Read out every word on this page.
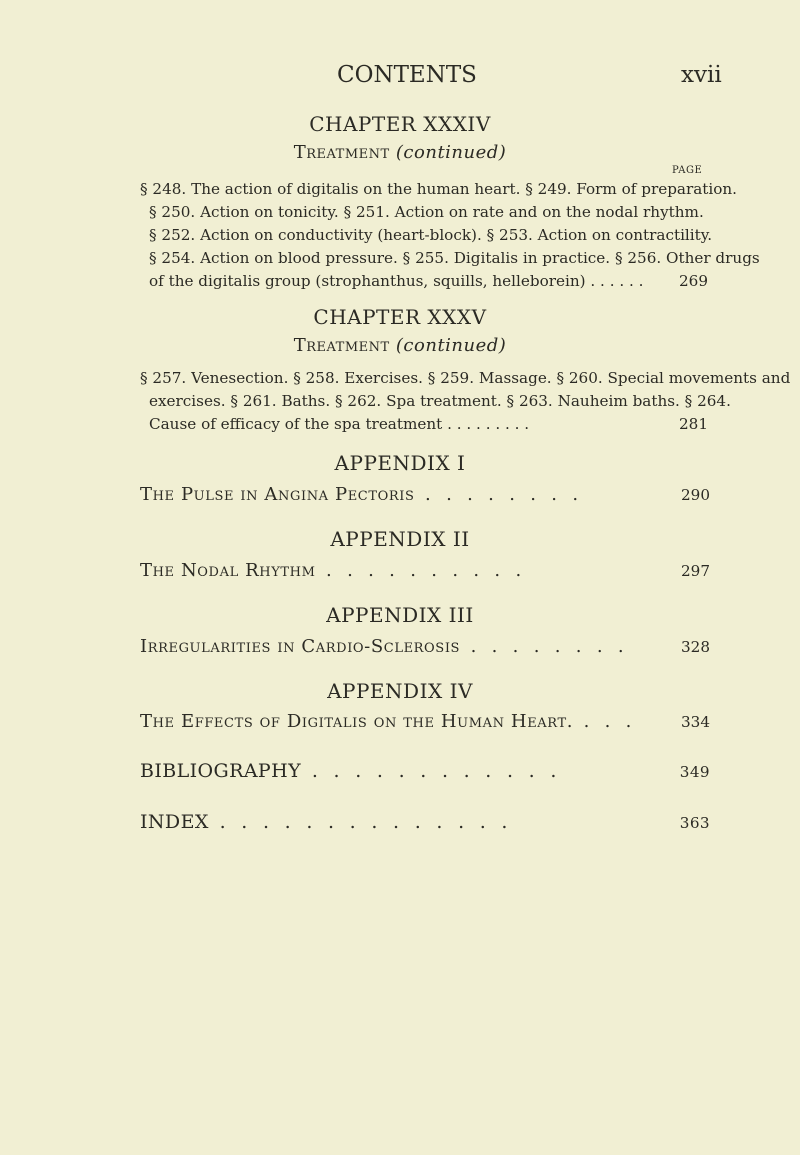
CONTENTS	xvii
CHAPTER XXXIV
Treatment (continued)
PAGE
§ 248. The action of digitalis on the human heart. § 249. Form of preparation.
§ 250. Action on tonicity. § 251. Action on rate and on the nodal rhythm.
§ 252. Action on conductivity (heart-block). § 253. Action on contractility.
§ 254. Action on blood pressure. § 255. Digitalis in practice. § 256. Other drugs
of the digitalis group (strophanthus, squills, helleborein) . . . . . . 269
CHAPTER XXXV
Treatment (continued)
§ 257. Venesection. § 258. Exercises. § 259. Massage. § 260. Special movements and
exercises. § 261. Baths. § 262. Spa treatment. § 263. Nauheim baths. § 264.
Cause of efficacy of the spa treatment . . . . . . . . .	281
APPENDIX I
The Pulse in Angina Pectoris . . . . . . . .	290
APPENDIX II
The Nodal Rhythm . . . . . . . . . .	297
APPENDIX III
Irregularities in Cardio-Sclerosis . . . . . . . .	328
APPENDIX IV
The Effects of Digitalis on the Human Heart. . . .	334
BIBLIOGRAPHY . . . . . . . . . . . .	349
INDEX . . . . . . . . . . . . . .	363
